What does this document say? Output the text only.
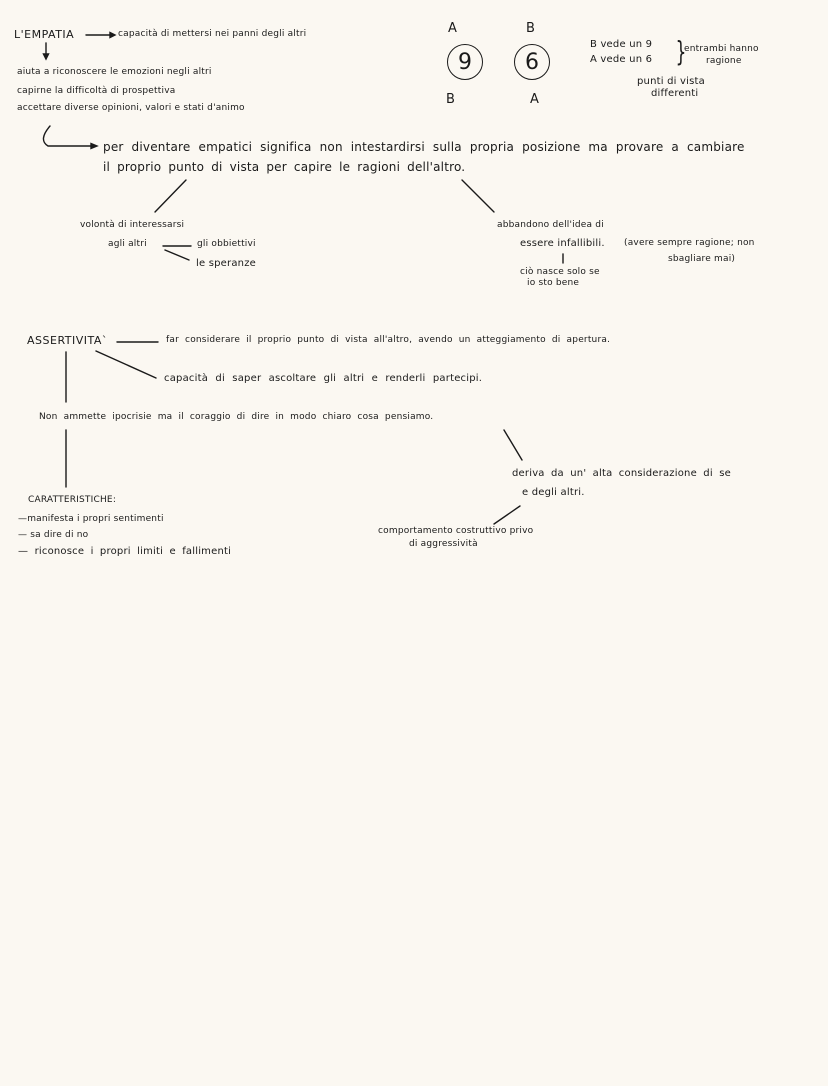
L'EMPATIA	capacità di mettersi nei panni degli altri
aiuta a riconoscere le emozioni negli altri
capirne la difficoltà di prospettiva
accettare diverse opinioni, valori e stati d'animo
per diventare empatici significa non intestardirsi sulla propria posizione ma provare a cambiare
il proprio punto di vista per capire le ragioni dell'altro.
volontà di interessarsi
agli altri	gli obbiettivi
le speranze
abbandono dell'idea di
essere infallibili. (avere sempre ragione; non
sbagliare mai)
ciò nasce solo se
io sto bene
A
9
B
B
6
A
B vede un 9
A vede un 6 }
entrambi hanno
ragione
punti di vista
differenti
ASSERTIVITA`	far considerare il proprio punto di vista all'altro, avendo un atteggiamento di apertura.
capacità di saper ascoltare gli altri e renderli partecipi.
Non ammette ipocrisie ma il coraggio di dire in modo chiaro cosa pensiamo.
deriva da un' alta considerazione di se
e degli altri.
comportamento costruttivo privo
di aggressività
CARATTERISTICHE:
—manifesta i propri sentimenti
— sa dire di no
— riconosce i propri limiti e fallimenti
